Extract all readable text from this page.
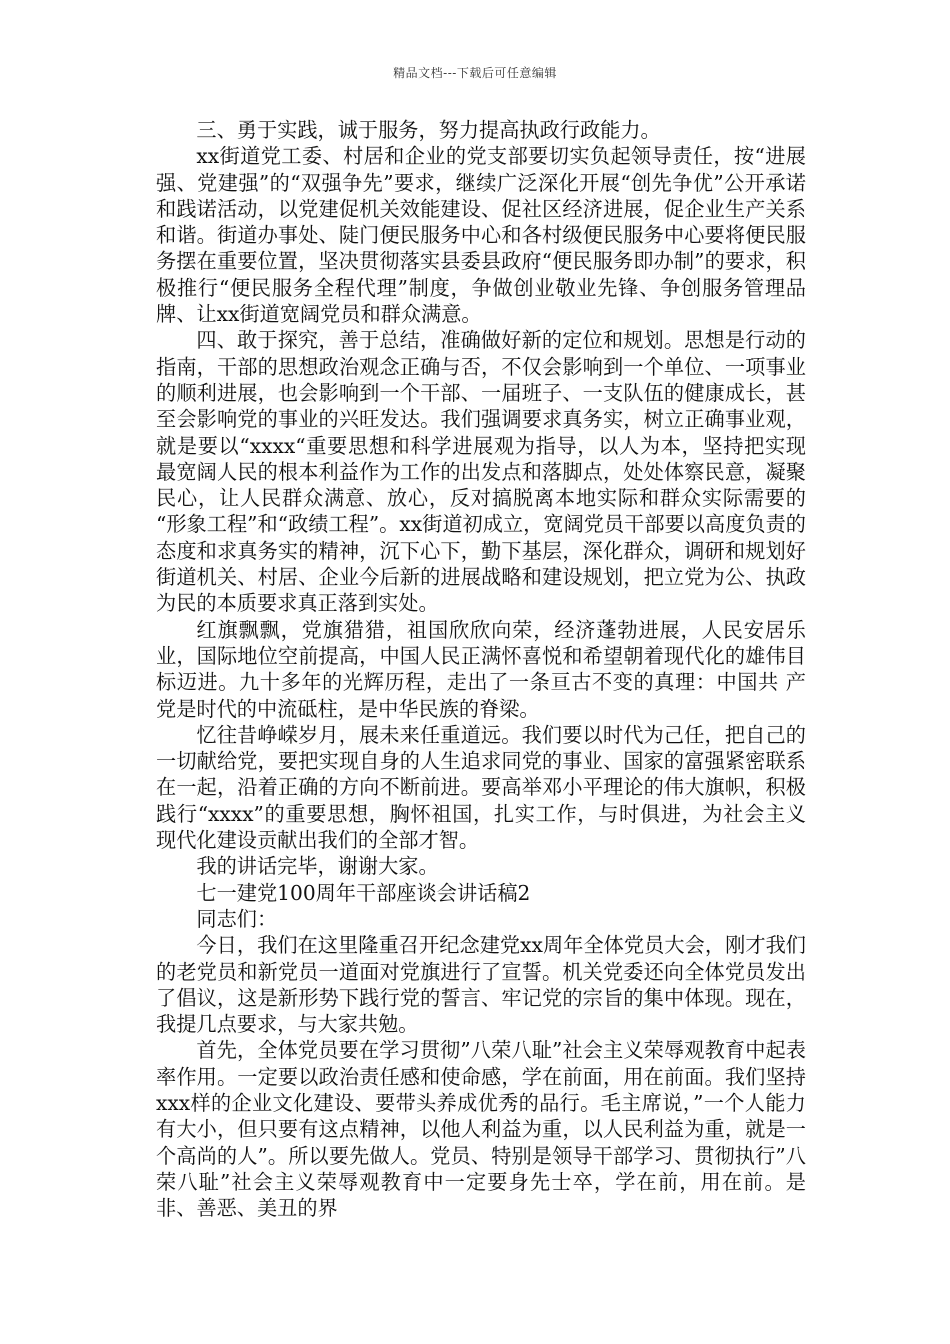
精品文档---下载后可任意编辑

三、勇于实践，诚于服务，努力提高执政行政能力。

xx街道党工委、村居和企业的党支部要切实负起领导责任，按“进展强、党建强”的“双强争先”要求，继续广泛深化开展“创先争优”公开承诺和践诺活动，以党建促机关效能建设、促社区经济进展，促企业生产关系和谐。街道办事处、陡门便民服务中心和各村级便民服务中心要将便民服务摆在重要位置，坚决贯彻落实县委县政府“便民服务即办制”的要求，积极推行“便民服务全程代理”制度，争做创业敬业先锋、争创服务管理品牌、让xx街道宽阔党员和群众满意。

四、敢于探究，善于总结，准确做好新的定位和规划。思想是行动的指南，干部的思想政治观念正确与否，不仅会影响到一个单位、一项事业的顺利进展，也会影响到一个干部、一届班子、一支队伍的健康成长，甚至会影响党的事业的兴旺发达。我们强调要求真务实，树立正确事业观，就是要以“xxxx“重要思想和科学进展观为指导，以人为本，坚持把实现最宽阔人民的根本利益作为工作的出发点和落脚点，处处体察民意，凝聚民心，让人民群众满意、放心，反对搞脱离本地实际和群众实际需要的 “形象工程”和“政绩工程”。xx街道初成立，宽阔党员干部要以高度负责的态度和求真务实的精神，沉下心下，勤下基层，深化群众，调研和规划好街道机关、村居、企业今后新的进展战略和建设规划，把立党为公、执政为民的本质要求真正落到实处。

红旗飘飘，党旗猎猎，祖国欣欣向荣，经济蓬勃进展，人民安居乐业，国际地位空前提高，中国人民正满怀喜悦和希望朝着现代化的雄伟目标迈进。九十多年的光辉历程，走出了一条亘古不变的真理：中国共 产党是时代的中流砥柱，是中华民族的脊梁。

忆往昔峥嵘岁月，展未来任重道远。我们要以时代为己任，把自己的一切献给党，要把实现自身的人生追求同党的事业、国家的富强紧密联系在一起，沿着正确的方向不断前进。要高举邓小平理论的伟大旗帜，积极践行“xxxx”的重要思想，胸怀祖国，扎实工作，与时俱进，为社会主义现代化建设贡献出我们的全部才智。

我的讲话完毕，谢谢大家。

七一建党100周年干部座谈会讲话稿2

同志们：

今日，我们在这里隆重召开纪念建党xx周年全体党员大会，刚才我们的老党员和新党员一道面对党旗进行了宣誓。机关党委还向全体党员发出了倡议，这是新形势下践行党的誓言、牢记党的宗旨的集中体现。现在，我提几点要求，与大家共勉。

首先，全体党员要在学习贯彻”八荣八耻”社会主义荣辱观教育中起表率作用。一定要以政治责任感和使命感，学在前面，用在前面。我们坚持xxx样的企业文化建设、要带头养成优秀的品行。毛主席说，”一个人能力有大小，但只要有这点精神，以他人利益为重，以人民利益为重，就是一个高尚的人”。所以要先做人。党员、特别是领导干部学习、贯彻执行”八荣八耻”社会主义荣辱观教育中一定要身先士卒，学在前，用在前。是非、善恶、美丑的界
